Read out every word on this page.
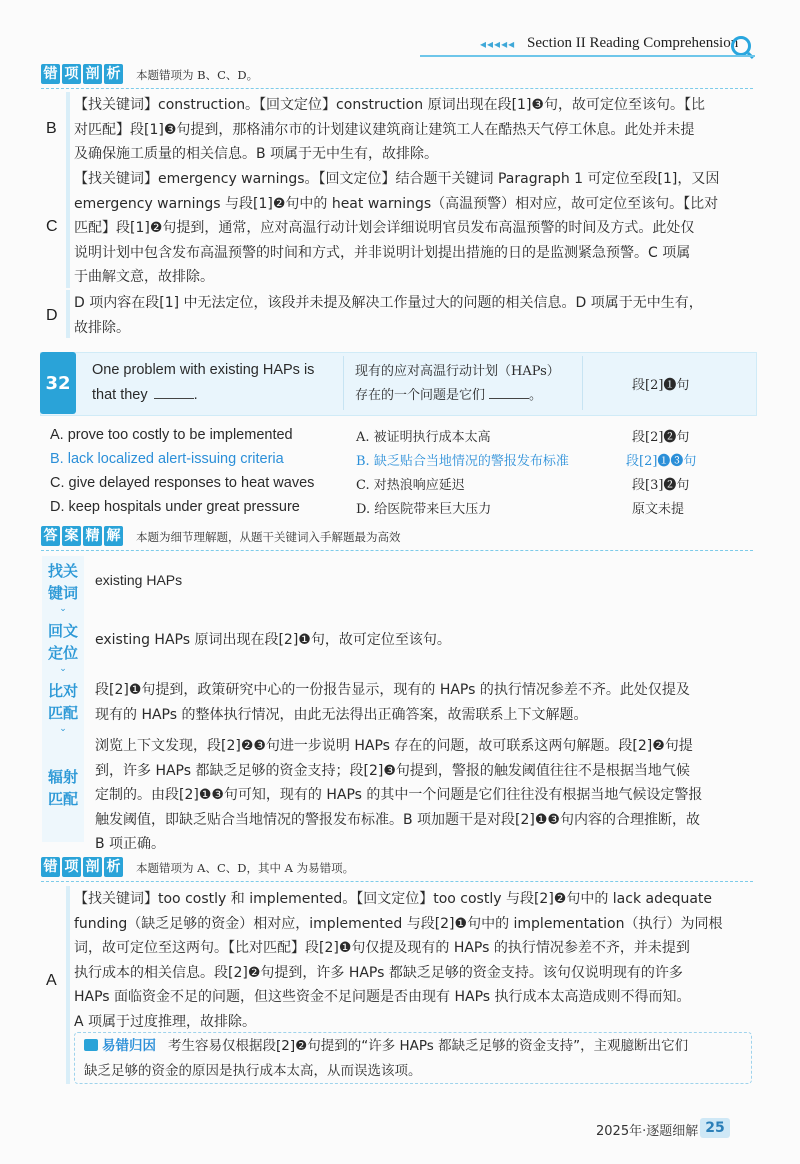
◂◂◂◂◂ Section II Reading Comprehension
错 项 剖 析 本题错项为 B、C、D。
B
【找关键词】construction。【回文定位】construction 原词出现在段[1]❸句，故可定位至该句。【比
对匹配】段[1]❸句提到，那格浦尔市的计划建议建筑商让建筑工人在酷热天气停工休息。此处并未提
及确保施工质量的相关信息。B 项属于无中生有，故排除。
C
【找关键词】emergency warnings。【回文定位】结合题干关键词 Paragraph 1 可定位至段[1]，又因
emergency warnings 与段[1]❷句中的 heat warnings（高温预警）相对应，故可定位至该句。【比对
匹配】段[1]❷句提到，通常，应对高温行动计划会详细说明官员发布高温预警的时间及方式。此处仅
说明计划中包含发布高温预警的时间和方式，并非说明计划提出措施的日的是监测紧急预警。C 项属
于曲解文意，故排除。
D
D 项内容在段[1] 中无法定位，该段并未提及解决工作量过大的问题的相关信息。D 项属于无中生有，
故排除。
32
One problem with existing HAPs is
that they	.
现有的应对高温行动计划（HAPs）
存在的一个问题是它们	。
段[2]❶句
A. prove too costly to be implemented	A. 被证明执行成本太高	段[2]❷句
B. lack localized alert-issuing criteria	B. 缺乏贴合当地情况的警报发布标准	段[2]❶❸句
C. give delayed responses to heat waves	C. 对热浪响应延迟	段[3]❷句
D. keep hospitals under great pressure	D. 给医院带来巨大压力	原文未提
答 案 精 解 本题为细节理解题，从题干关键词入手解题最为高效
找关
键词
⌄
existing HAPs
回文
定位
⌄
existing HAPs 原词出现在段[2]❶句，故可定位至该句。
比对
匹配
⌄
段[2]❶句提到，政策研究中心的一份报告显示，现有的 HAPs 的执行情况参差不齐。此处仅提及
现有的 HAPs 的整体执行情况，由此无法得出正确答案，故需联系上下文解题。
辐射
匹配
浏览上下文发现，段[2]❷❸句进一步说明 HAPs 存在的问题，故可联系这两句解题。段[2]❷句提
到，许多 HAPs 都缺乏足够的资金支持；段[2]❸句提到，警报的触发阈值往往不是根据当地气候
定制的。由段[2]❶❸句可知，现有的 HAPs 的其中一个问题是它们往往没有根据当地气候设定警报
触发阈值，即缺乏贴合当地情况的警报发布标准。B 项加题干是对段[2]❶❸句内容的合理推断，故
B 项正确。
错 项 剖 析 本题错项为 A、C、D，其中 A 为易错项。
A
【找关键词】too costly 和 implemented。【回文定位】too costly 与段[2]❷句中的 lack adequate
funding（缺乏足够的资金）相对应，implemented 与段[2]❶句中的 implementation（执行）为同根
词，故可定位至这两句。【比对匹配】段[2]❶句仅提及现有的 HAPs 的执行情况参差不齐，并未提到
执行成本的相关信息。段[2]❷句提到，许多 HAPs 都缺乏足够的资金支持。该句仅说明现有的许多
HAPs 面临资金不足的问题，但这些资金不足问题是否由现有 HAPs 执行成本太高造成则不得而知。
A 项属于过度推理，故排除。
易错归因 考生容易仅根据段[2]❷句提到的“许多 HAPs 都缺乏足够的资金支持”，主观臆断出它们
缺乏足够的资金的原因是执行成本太高，从而误选该项。
2025年·逐题细解 25
